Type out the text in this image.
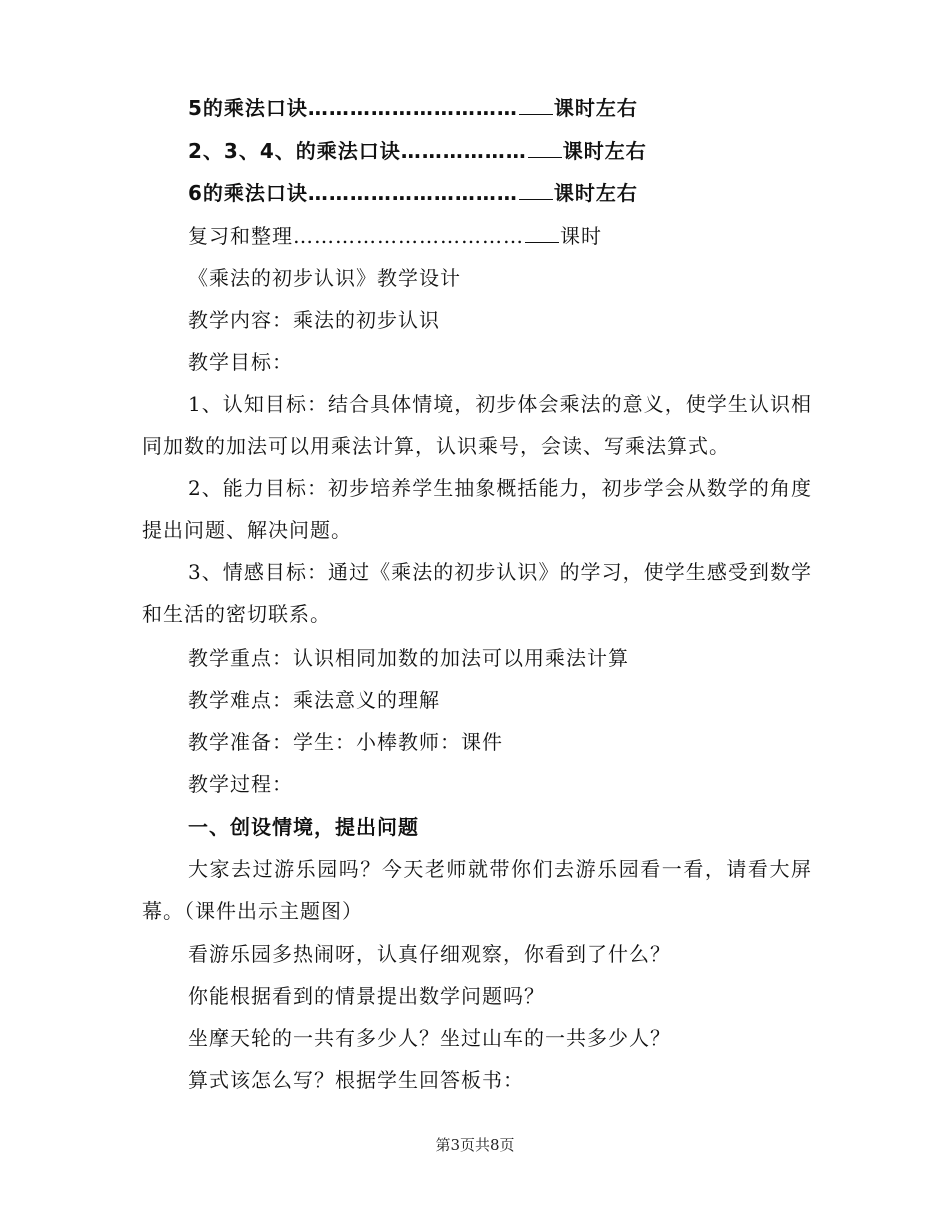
5的乘法口诀………………………… 课时左右
2、3、4、的乘法口诀……………… 课时左右
6的乘法口诀………………………… 课时左右
复习和整理…………………………… 课时
《乘法的初步认识》教学设计
教学内容：乘法的初步认识
教学目标：
1、认知目标：结合具体情境，初步体会乘法的意义，使学生认识相同加数的加法可以用乘法计算，认识乘号，会读、写乘法算式。
2、能力目标：初步培养学生抽象概括能力，初步学会从数学的角度提出问题、解决问题。
3、情感目标：通过《乘法的初步认识》的学习，使学生感受到数学和生活的密切联系。
教学重点：认识相同加数的加法可以用乘法计算
教学难点：乘法意义的理解
教学准备：学生：小棒教师：课件
教学过程：
一、创设情境，提出问题
大家去过游乐园吗？今天老师就带你们去游乐园看一看，请看大屏幕。（课件出示主题图）
看游乐园多热闹呀，认真仔细观察，你看到了什么？
你能根据看到的情景提出数学问题吗？
坐摩天轮的一共有多少人？坐过山车的一共多少人？
算式该怎么写？根据学生回答板书：
第3页共8页
